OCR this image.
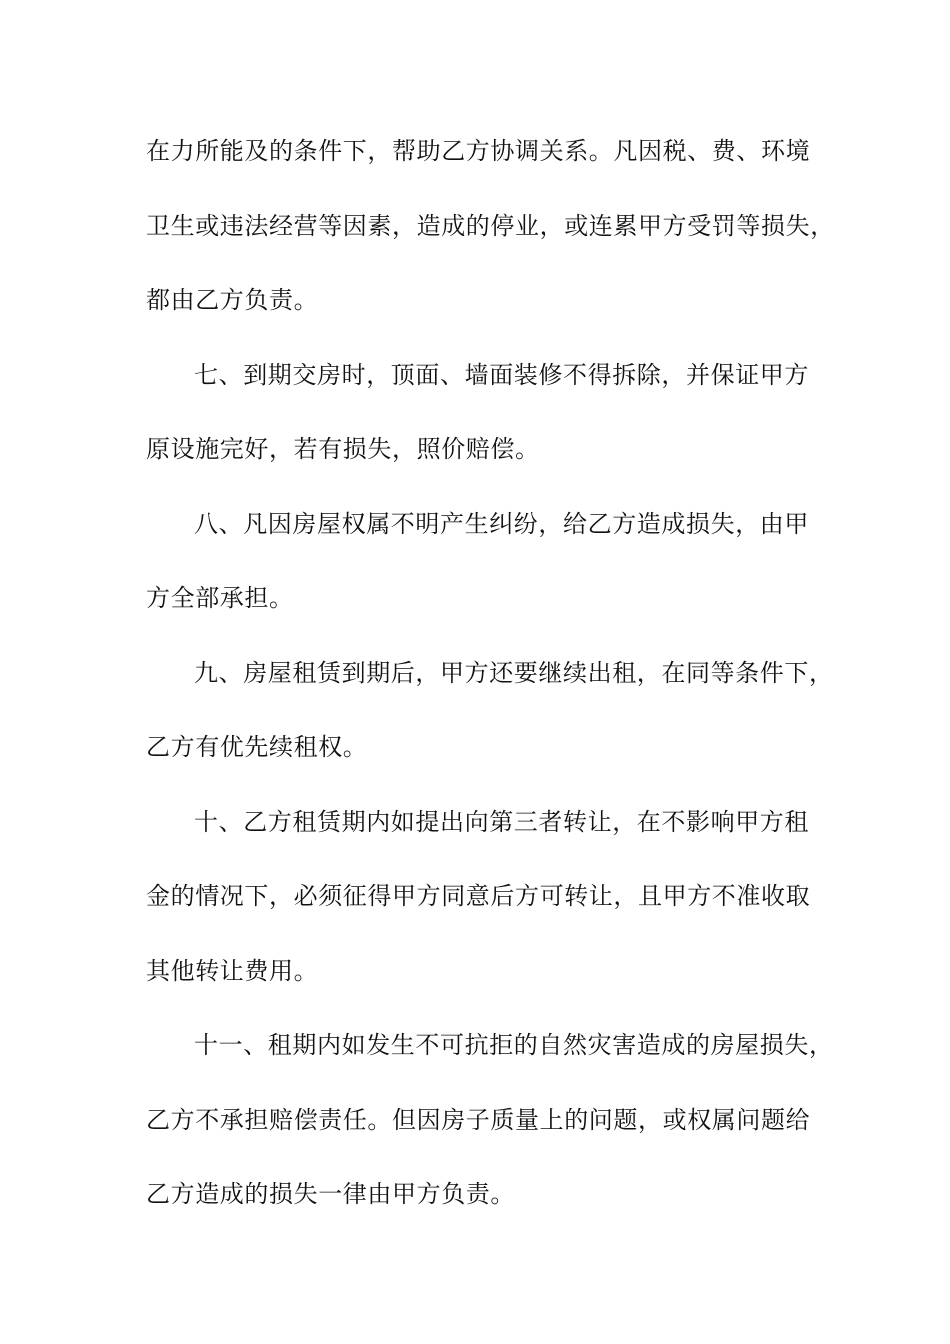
在力所能及的条件下，帮助乙方协调关系。凡因税、费、环境
卫生或违法经营等因素，造成的停业，或连累甲方受罚等损失，
都由乙方负责。
七、到期交房时，顶面、墙面装修不得拆除，并保证甲方
原设施完好，若有损失，照价赔偿。
八、凡因房屋权属不明产生纠纷，给乙方造成损失，由甲
方全部承担。
九、房屋租赁到期后，甲方还要继续出租，在同等条件下，
乙方有优先续租权。
十、乙方租赁期内如提出向第三者转让，在不影响甲方租
金的情况下，必须征得甲方同意后方可转让，且甲方不准收取
其他转让费用。
十一、租期内如发生不可抗拒的自然灾害造成的房屋损失，
乙方不承担赔偿责任。但因房子质量上的问题，或权属问题给
乙方造成的损失一律由甲方负责。
